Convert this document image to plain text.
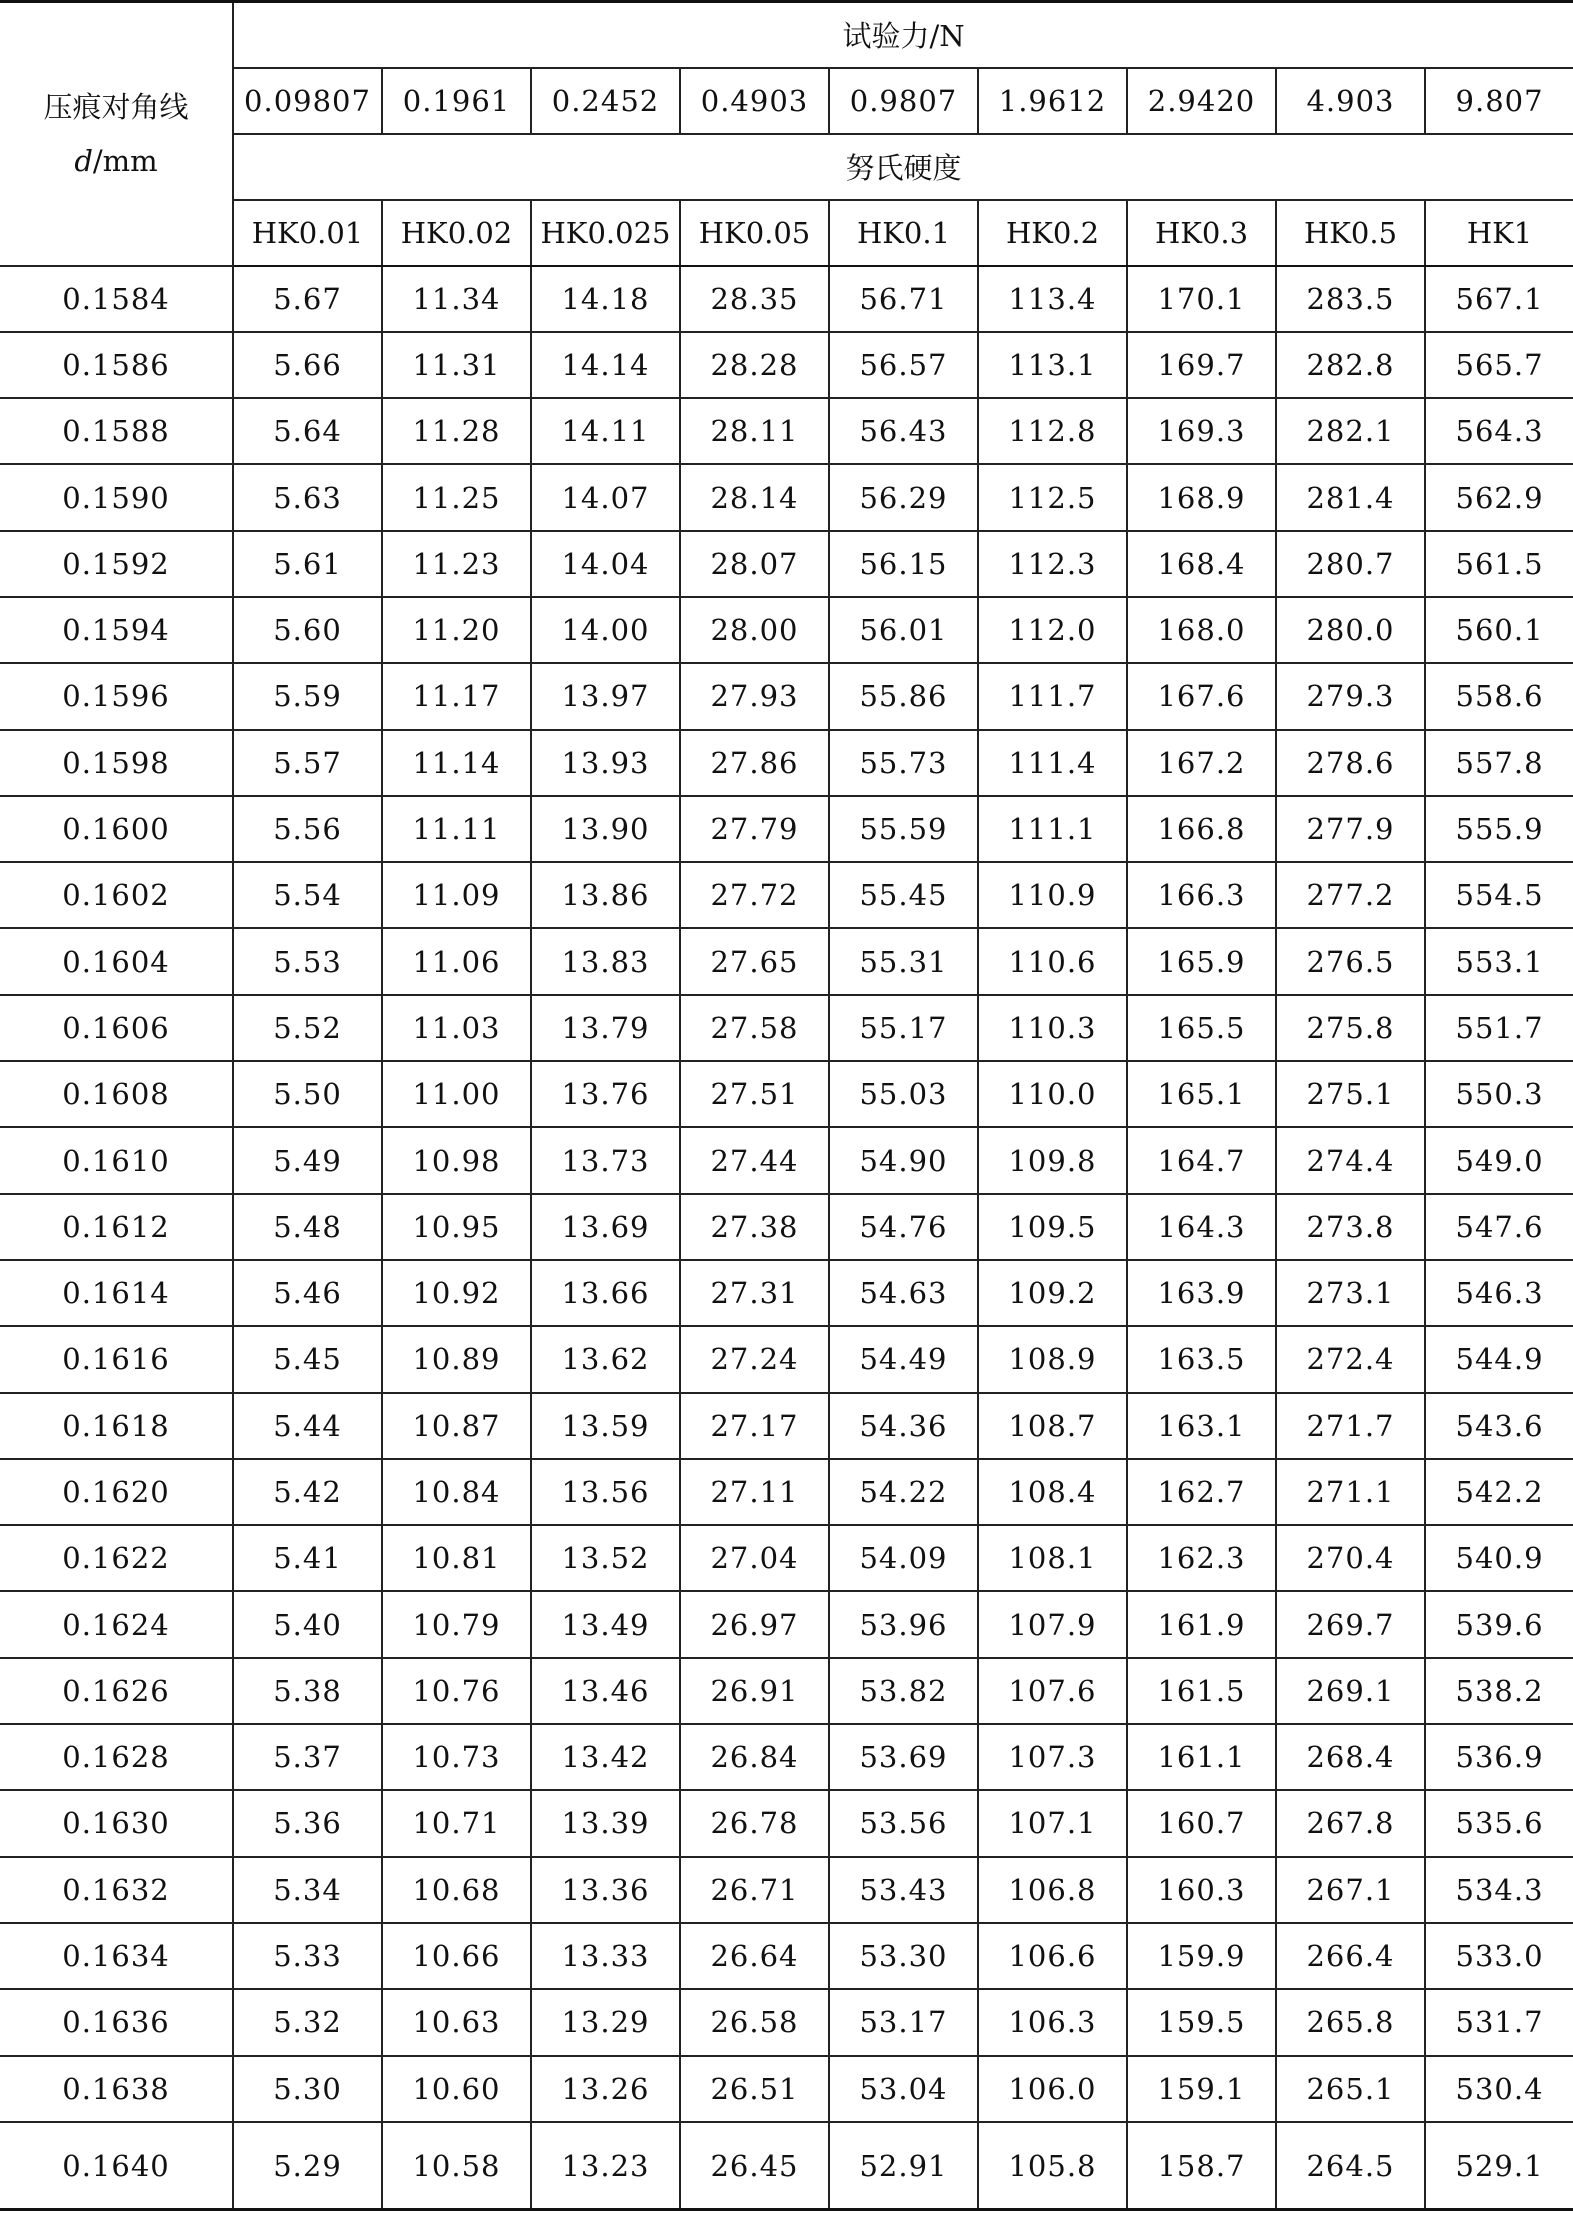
压痕对角线
d/mm	试验力/N								
	0.09807	0.1961	0.2452	0.4903	0.9807	1.9612	2.9420	4.903	9.807
	努氏硬度								
	HK0.01	HK0.02	HK0.025	HK0.05	HK0.1	HK0.2	HK0.3	HK0.5	HK1
0.1584	5.67	11.34	14.18	28.35	56.71	113.4	170.1	283.5	567.1
0.1586	5.66	11.31	14.14	28.28	56.57	113.1	169.7	282.8	565.7
0.1588	5.64	11.28	14.11	28.11	56.43	112.8	169.3	282.1	564.3
0.1590	5.63	11.25	14.07	28.14	56.29	112.5	168.9	281.4	562.9
0.1592	5.61	11.23	14.04	28.07	56.15	112.3	168.4	280.7	561.5
0.1594	5.60	11.20	14.00	28.00	56.01	112.0	168.0	280.0	560.1
0.1596	5.59	11.17	13.97	27.93	55.86	111.7	167.6	279.3	558.6
0.1598	5.57	11.14	13.93	27.86	55.73	111.4	167.2	278.6	557.8
0.1600	5.56	11.11	13.90	27.79	55.59	111.1	166.8	277.9	555.9
0.1602	5.54	11.09	13.86	27.72	55.45	110.9	166.3	277.2	554.5
0.1604	5.53	11.06	13.83	27.65	55.31	110.6	165.9	276.5	553.1
0.1606	5.52	11.03	13.79	27.58	55.17	110.3	165.5	275.8	551.7
0.1608	5.50	11.00	13.76	27.51	55.03	110.0	165.1	275.1	550.3
0.1610	5.49	10.98	13.73	27.44	54.90	109.8	164.7	274.4	549.0
0.1612	5.48	10.95	13.69	27.38	54.76	109.5	164.3	273.8	547.6
0.1614	5.46	10.92	13.66	27.31	54.63	109.2	163.9	273.1	546.3
0.1616	5.45	10.89	13.62	27.24	54.49	108.9	163.5	272.4	544.9
0.1618	5.44	10.87	13.59	27.17	54.36	108.7	163.1	271.7	543.6
0.1620	5.42	10.84	13.56	27.11	54.22	108.4	162.7	271.1	542.2
0.1622	5.41	10.81	13.52	27.04	54.09	108.1	162.3	270.4	540.9
0.1624	5.40	10.79	13.49	26.97	53.96	107.9	161.9	269.7	539.6
0.1626	5.38	10.76	13.46	26.91	53.82	107.6	161.5	269.1	538.2
0.1628	5.37	10.73	13.42	26.84	53.69	107.3	161.1	268.4	536.9
0.1630	5.36	10.71	13.39	26.78	53.56	107.1	160.7	267.8	535.6
0.1632	5.34	10.68	13.36	26.71	53.43	106.8	160.3	267.1	534.3
0.1634	5.33	10.66	13.33	26.64	53.30	106.6	159.9	266.4	533.0
0.1636	5.32	10.63	13.29	26.58	53.17	106.3	159.5	265.8	531.7
0.1638	5.30	10.60	13.26	26.51	53.04	106.0	159.1	265.1	530.4
0.1640	5.29	10.58	13.23	26.45	52.91	105.8	158.7	264.5	529.1
